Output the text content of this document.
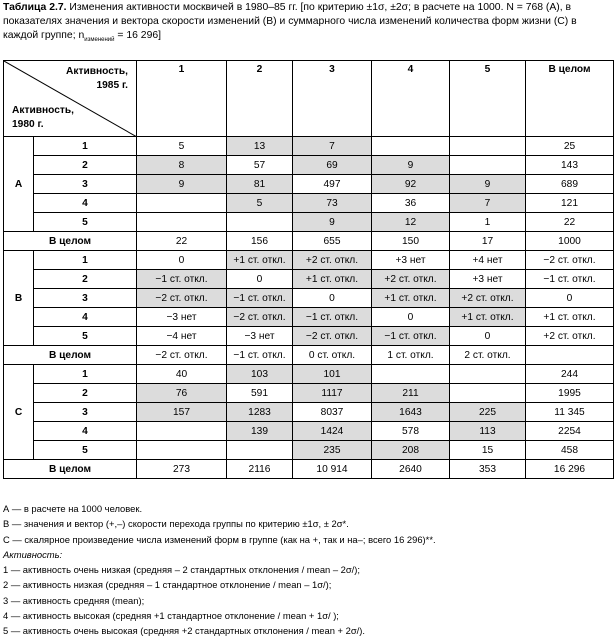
Таблица 2.7. Изменения активности москвичей в 1980–85 гг. [по критерию ±1σ, ±2σ; в расчете на 1000. N = 768 (А), в показателях значения и вектора скорости изменений (В) и суммарного числа изменений количества форм жизни (С) в каждой группе; $n_{изменений} = 16$ 296]
Активность,
1985 г.
Активность,
1980 г.		1	2	3	4	5	В целом
А	1	5	13	7			25
	2	8	57	69	9		143
	3	9	81	497	92	9	689
	4		5	73	36	7	121
	5			9	12	1	22
В целом		22	156	655	150	17	1000
В	1	0	+1 ст. откл.	+2 ст. откл.	+3 нет	+4 нет	−2 ст. откл.
	2	−1 ст. откл.	0	+1 ст. откл.	+2 ст. откл.	+3 нет	−1 ст. откл.
	3	−2 ст. откл.	−1 ст. откл.	0	+1 ст. откл.	+2 ст. откл.	0
	4	−3 нет	−2 ст. откл.	−1 ст. откл.	0	+1 ст. откл.	+1 ст. откл.
	5	−4 нет	−3 нет	−2 ст. откл.	−1 ст. откл.	0	+2 ст. откл.
В целом		−2 ст. откл.	−1 ст. откл.	0 ст. откл.	1 ст. откл.	2 ст. откл.	
С	1	40	103	101			244
	2	76	591	1117	211		1995
	3	157	1283	8037	1643	225	11 345
	4		139	1424	578	113	2254
	5			235	208	15	458
В целом		273	2116	10 914	2640	353	16 296
А — в расчете на 1000 человек.
В — значения и вектор (+,–) скорости перехода группы по критерию ±1σ, ± 2σ*.
С — скалярное произведение числа изменений форм в группе (как на +, так и на–; всего 16 296)**.
Активность:
1 — активность очень низкая (средняя – 2 стандартных отклонения / mean – 2σ/);
2 — активность низкая (средняя – 1 стандартное отклонение / mean – 1σ/);
3 — активность средняя (mean);
4 — активность высокая (средняя +1 стандартное отклонение / mean + 1σ/ );
5 — активность очень высокая (средняя +2 стандартных отклонения / mean + 2σ/).
